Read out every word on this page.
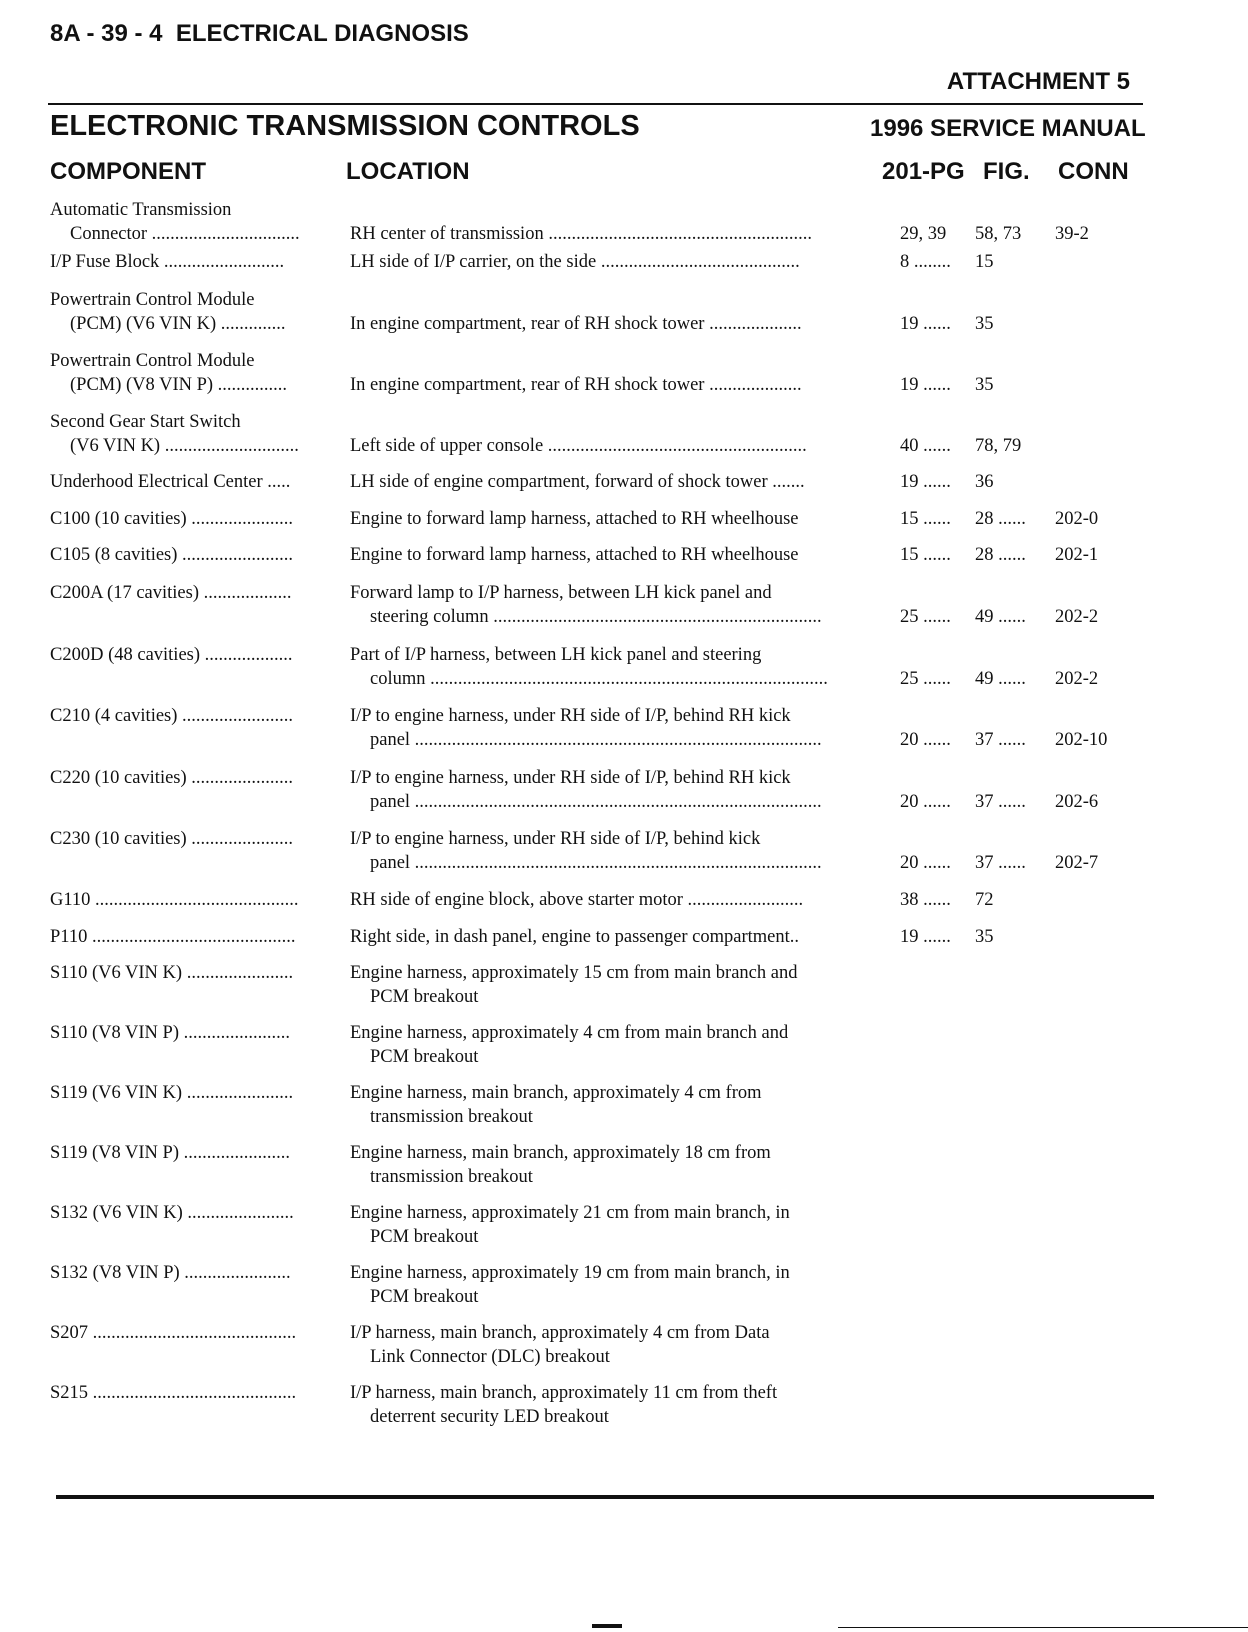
8A - 39 - 4 ELECTRICAL DIAGNOSIS
ATTACHMENT 5
ELECTRONIC TRANSMISSION CONTROLS	1996 SERVICE MANUAL
COMPONENT	LOCATION	201-PG FIG. CONN
Automatic Transmission
Connector ................................	RH center of transmission .........................................................	29, 39	58, 73	39-2
I/P Fuse Block ..........................	LH side of I/P carrier, on the side ...........................................	8 ........	15
Powertrain Control Module
(PCM) (V6 VIN K) ..............	In engine compartment, rear of RH shock tower ....................	19 ......	35
Powertrain Control Module
(PCM) (V8 VIN P) ...............	In engine compartment, rear of RH shock tower ....................	19 ......	35
Second Gear Start Switch
(V6 VIN K) .............................	Left side of upper console ........................................................	40 ......	78, 79
Underhood Electrical Center .....	LH side of engine compartment, forward of shock tower .......	19 ......	36
C100 (10 cavities) ......................	Engine to forward lamp harness, attached to RH wheelhouse	15 ......	28 ......	202-0
C105 (8 cavities) ........................	Engine to forward lamp harness, attached to RH wheelhouse	15 ......	28 ......	202-1
C200A (17 cavities) ...................	Forward lamp to I/P harness, between LH kick panel and
steering column .......................................................................	25 ......	49 ......	202-2
C200D (48 cavities) ...................	Part of I/P harness, between LH kick panel and steering
column ......................................................................................	25 ......	49 ......	202-2
C210 (4 cavities) ........................	I/P to engine harness, under RH side of I/P, behind RH kick
panel ........................................................................................	20 ......	37 ......	202-10
C220 (10 cavities) ......................	I/P to engine harness, under RH side of I/P, behind RH kick
panel ........................................................................................	20 ......	37 ......	202-6
C230 (10 cavities) ......................	I/P to engine harness, under RH side of I/P, behind kick
panel ........................................................................................	20 ......	37 ......	202-7
G110 ............................................	RH side of engine block, above starter motor .........................	38 ......	72
P110 ............................................	Right side, in dash panel, engine to passenger compartment..	19 ......	35
S110 (V6 VIN K) .......................	Engine harness, approximately 15 cm from main branch and
PCM breakout
S110 (V8 VIN P) .......................	Engine harness, approximately 4 cm from main branch and
PCM breakout
S119 (V6 VIN K) .......................	Engine harness, main branch, approximately 4 cm from
transmission breakout
S119 (V8 VIN P) .......................	Engine harness, main branch, approximately 18 cm from
transmission breakout
S132 (V6 VIN K) .......................	Engine harness, approximately 21 cm from main branch, in
PCM breakout
S132 (V8 VIN P) .......................	Engine harness, approximately 19 cm from main branch, in
PCM breakout
S207 ............................................	I/P harness, main branch, approximately 4 cm from Data
Link Connector (DLC) breakout
S215 ............................................	I/P harness, main branch, approximately 11 cm from theft
deterrent security LED breakout
